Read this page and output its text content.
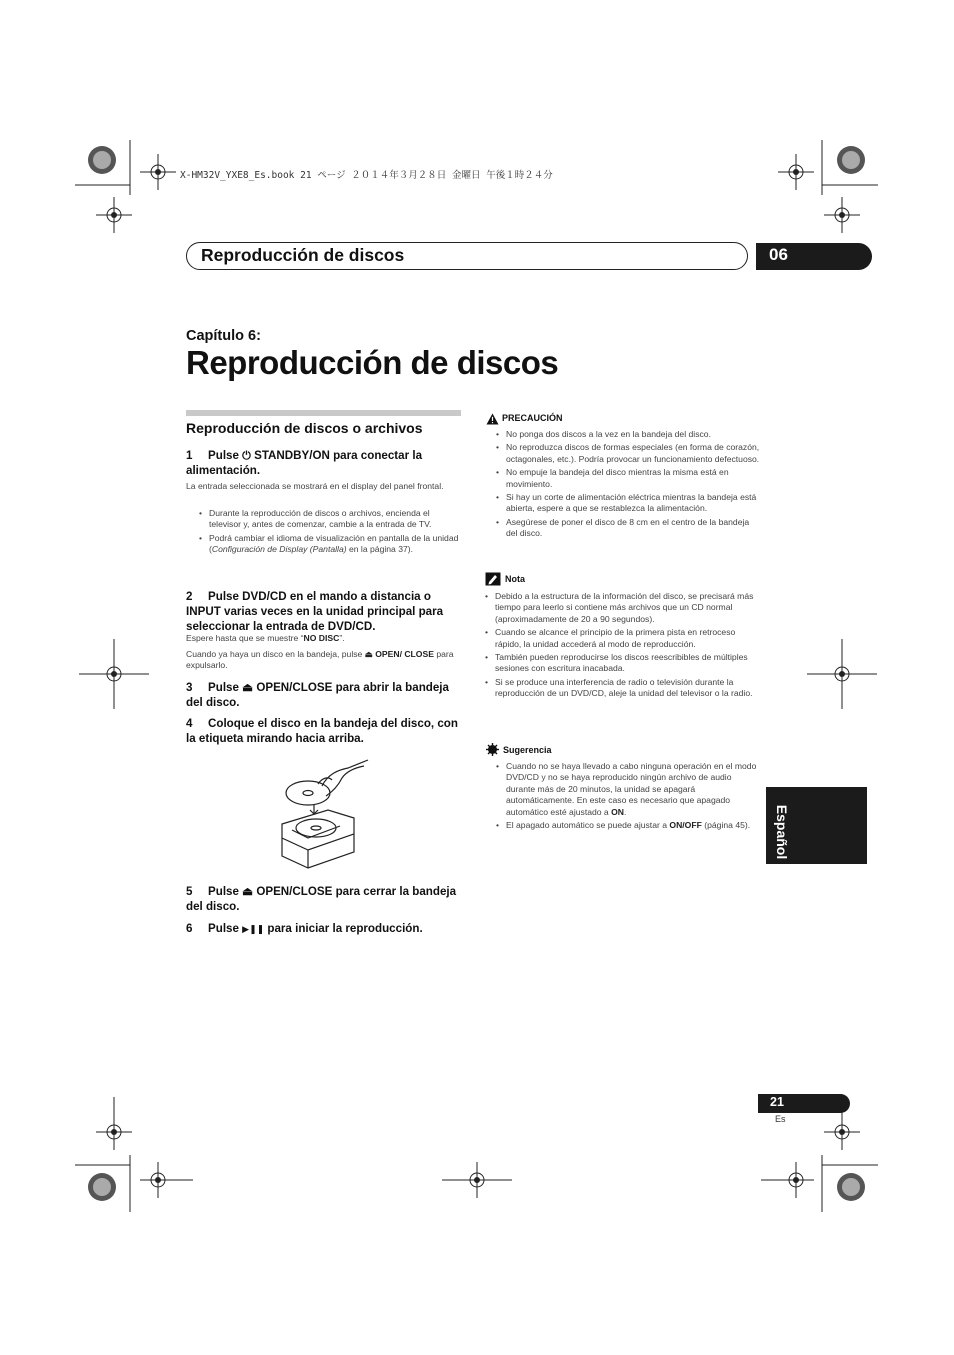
X-HM32V_YXE8_Es.book 21 ページ ２０１４年３月２８日 金曜日 午後１時２４分
Reproducción de discos	06
Capítulo 6:
Reproducción de discos
Reproducción de discos o archivos
1 Pulse ⏻ STANDBY/ON para conectar la alimentación.
La entrada seleccionada se mostrará en el display del panel frontal.
• Durante la reproducción de discos o archivos, encienda el televisor y, antes de comenzar, cambie a la entrada de TV.
• Podrá cambiar el idioma de visualización en pantalla de la unidad (Configuración de Display (Pantalla) en la página 37).
2 Pulse DVD/CD en el mando a distancia o INPUT varias veces en la unidad principal para seleccionar la entrada de DVD/CD.
Espere hasta que se muestre “NO DISC”.
Cuando ya haya un disco en la bandeja, pulse ⏏ OPEN/ CLOSE para expulsarlo.
3 Pulse ⏏ OPEN/CLOSE para abrir la bandeja del disco.
4 Coloque el disco en la bandeja del disco, con la etiqueta mirando hacia arriba.
5 Pulse ⏏ OPEN/CLOSE para cerrar la bandeja del disco.
6 Pulse ▶❚❚ para iniciar la reproducción.
PRECAUCIÓN
• No ponga dos discos a la vez en la bandeja del disco.
• No reproduzca discos de formas especiales (en forma de corazón, octagonales, etc.). Podría provocar un funcionamiento defectuoso.
• No empuje la bandeja del disco mientras la misma está en movimiento.
• Si hay un corte de alimentación eléctrica mientras la bandeja está abierta, espere a que se restablezca la alimentación.
• Asegúrese de poner el disco de 8 cm en el centro de la bandeja del disco.
Nota
• Debido a la estructura de la información del disco, se precisará más tiempo para leerlo si contiene más archivos que un CD normal (aproximadamente de 20 a 90 segundos).
• Cuando se alcance el principio de la primera pista en retroceso rápido, la unidad accederá al modo de reproducción.
• También pueden reproducirse los discos reescribibles de múltiples sesiones con escritura inacabada.
• Si se produce una interferencia de radio o televisión durante la reproducción de un DVD/CD, aleje la unidad del televisor o la radio.
Sugerencia
• Cuando no se haya llevado a cabo ninguna operación en el modo DVD/CD y no se haya reproducido ningún archivo de audio durante más de 20 minutos, la unidad se apagará automáticamente. En este caso es necesario que apagado automático esté ajustado a ON.
• El apagado automático se puede ajustar a ON/OFF (página 45).	Español
21
Es
